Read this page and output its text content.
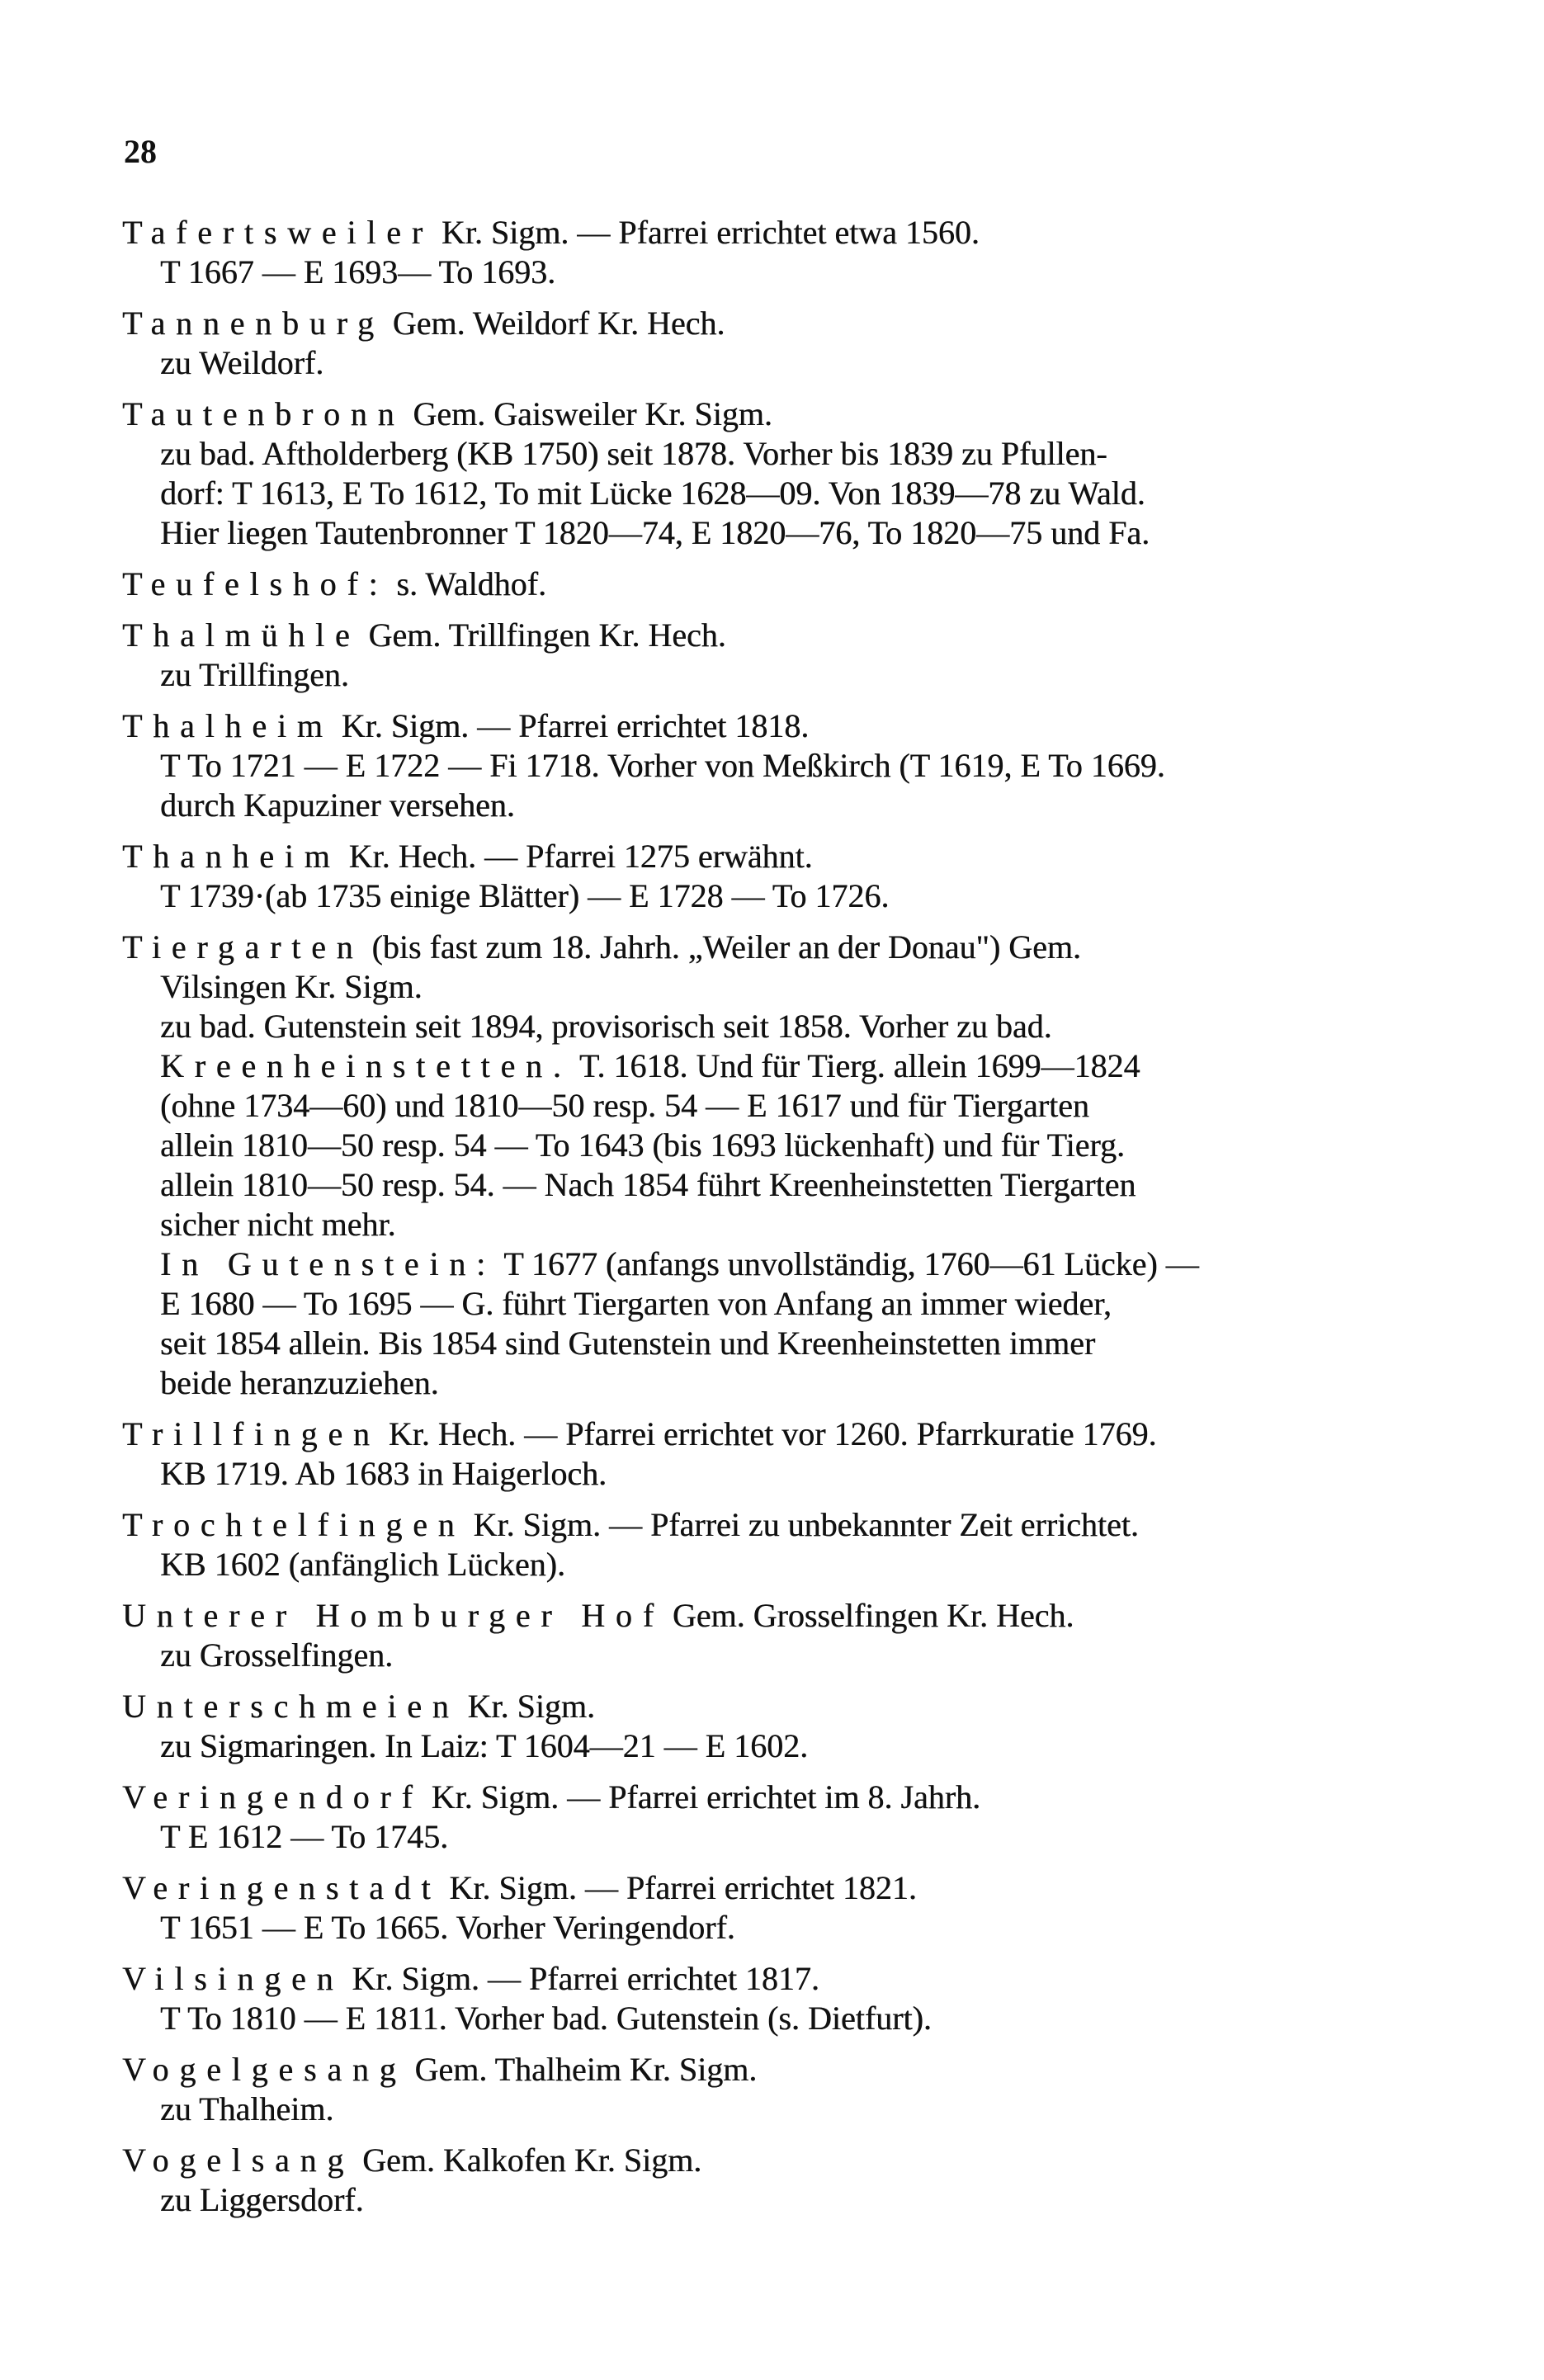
28
Tafertsweiler Kr. Sigm. — Pfarrei errichtet etwa 1560.
T 1667 — E 1693— To 1693.
Tannenburg Gem. Weildorf Kr. Hech.
zu Weildorf.
Tautenbronn Gem. Gaisweiler Kr. Sigm.
zu bad. Aftholderberg (KB 1750) seit 1878. Vorher bis 1839 zu Pfullen-
dorf: T 1613, E To 1612, To mit Lücke 1628—09. Von 1839—78 zu Wald.
Hier liegen Tautenbronner T 1820—74, E 1820—76, To 1820—75 und Fa.
Teufelshof: s. Waldhof.
Thalmühle Gem. Trillfingen Kr. Hech.
zu Trillfingen.
Thalheim Kr. Sigm. — Pfarrei errichtet 1818.
T To 1721 — E 1722 — Fi 1718. Vorher von Meßkirch (T 1619, E To 1669.
durch Kapuziner versehen.
Thanheim Kr. Hech. — Pfarrei 1275 erwähnt.
T 1739·(ab 1735 einige Blätter) — E 1728 — To 1726.
Tiergarten (bis fast zum 18. Jahrh. „Weiler an der Donau") Gem.
Vilsingen Kr. Sigm.
zu bad. Gutenstein seit 1894, provisorisch seit 1858. Vorher zu bad.
Kreenheinstetten. T. 1618. Und für Tierg. allein 1699—1824
(ohne 1734—60) und 1810—50 resp. 54 — E 1617 und für Tiergarten
allein 1810—50 resp. 54 — To 1643 (bis 1693 lückenhaft) und für Tierg.
allein 1810—50 resp. 54. — Nach 1854 führt Kreenheinstetten Tiergarten
sicher nicht mehr.
In Gutenstein: T 1677 (anfangs unvollständig, 1760—61 Lücke) —
E 1680 — To 1695 — G. führt Tiergarten von Anfang an immer wieder,
seit 1854 allein. Bis 1854 sind Gutenstein und Kreenheinstetten immer
beide heranzuziehen.
Trillfingen Kr. Hech. — Pfarrei errichtet vor 1260. Pfarrkuratie 1769.
KB 1719. Ab 1683 in Haigerloch.
Trochtelfingen Kr. Sigm. — Pfarrei zu unbekannter Zeit errichtet.
KB 1602 (anfänglich Lücken).
Unterer Homburger Hof Gem. Grosselfingen Kr. Hech.
zu Grosselfingen.
Unterschmeien Kr. Sigm.
zu Sigmaringen. In Laiz: T 1604—21 — E 1602.
Veringendorf Kr. Sigm. — Pfarrei errichtet im 8. Jahrh.
T E 1612 — To 1745.
Veringenstadt Kr. Sigm. — Pfarrei errichtet 1821.
T 1651 — E To 1665. Vorher Veringendorf.
Vilsingen Kr. Sigm. — Pfarrei errichtet 1817.
T To 1810 — E 1811. Vorher bad. Gutenstein (s. Dietfurt).
Vogelgesang Gem. Thalheim Kr. Sigm.
zu Thalheim.
Vogelsang Gem. Kalkofen Kr. Sigm.
zu Liggersdorf.
